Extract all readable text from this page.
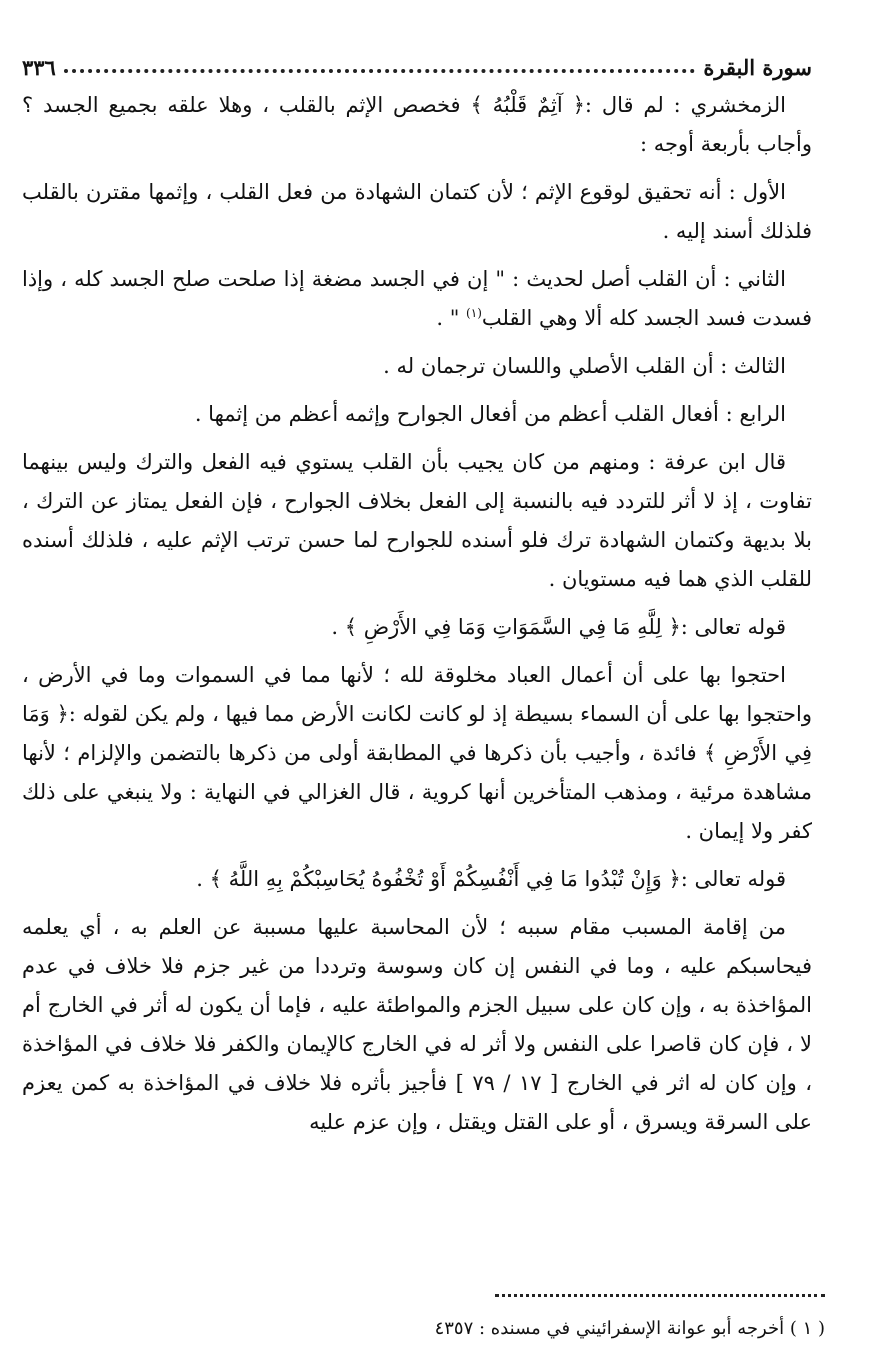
سورة البقرة
٣٣٦

الزمخشري : لم قال :﴿ آثِمٌ قَلْبُهُ ﴾ فخصص الإثم بالقلب ، وهلا علقه بجميع الجسد ؟وأجاب بأربعة أوجه :

الأول : أنه تحقيق لوقوع الإثم ؛ لأن كتمان الشهادة من فعل القلب ، وإثمها مقترن بالقلب فلذلك أسند إليه .

الثاني : أن القلب أصل لحديث : " إن في الجسد مضغة إذا صلحت صلح الجسد كله ، وإذا فسدت فسد الجسد كله ألا وهي القلب$^{(١)}$ " .

الثالث : أن القلب الأصلي واللسان ترجمان له .

الرابع : أفعال القلب أعظم من أفعال الجوارح وإثمه أعظم من إثمها .

قال ابن عرفة : ومنهم من كان يجيب بأن القلب يستوي فيه الفعل والترك وليس بينهما تفاوت ، إذ لا أثر للتردد فيه بالنسبة إلى الفعل بخلاف الجوارح ، فإن الفعل يمتاز عن الترك ، بلا بديهة وكتمان الشهادة ترك فلو أسنده للجوارح لما حسن ترتب الإثم عليه ، فلذلك أسنده للقلب الذي هما فيه مستويان .

قوله تعالى :﴿ لِلَّهِ مَا فِي السَّمَوَاتِ وَمَا فِي الأَرْضِ ﴾ .

احتجوا بها على أن أعمال العباد مخلوقة لله ؛ لأنها مما في السموات وما في الأرض ، واحتجوا بها على أن السماء بسيطة إذ لو كانت لكانت الأرض مما فيها ، ولم يكن لقوله :﴿ وَمَا فِي الأَرْضِ ﴾ فائدة ، وأجيب بأن ذكرها في المطابقة أولى من ذكرها بالتضمن والإلزام ؛ لأنها مشاهدة مرئية ، ومذهب المتأخرين أنها كروية ، قال الغزالي في النهاية : ولا ينبغي على ذلك كفر ولا إيمان .

قوله تعالى :﴿ وَإِنْ تُبْدُوا مَا فِي أَنْفُسِكُمْ أَوْ تُخْفُوهُ يُحَاسِبْكُمْ بِهِ اللَّهُ ﴾ .

من إقامة المسبب مقام سببه ؛ لأن المحاسبة عليها مسببة عن العلم به ، أي يعلمه فيحاسبكم عليه ، وما في النفس إن كان وسوسة وترددا من غير جزم فلا خلاف في عدم المؤاخذة به ، وإن كان على سبيل الجزم والمواطئة عليه ، فإما أن يكون له أثر في الخارج أم لا ، فإن كان قاصرا على النفس ولا أثر له في الخارج كالإيمان والكفر فلا خلاف في المؤاخذة ، وإن كان له اثر في الخارج [ ١٧ / ٧٩ ] فأجيز بأثره فلا خلاف في المؤاخذة به كمن يعزم على السرقة ويسرق ، أو على القتل ويقتل ، وإن عزم عليه

( ١ ) أخرجه أبو عوانة الإسفرائيني في مسنده : ٤٣٥٧
